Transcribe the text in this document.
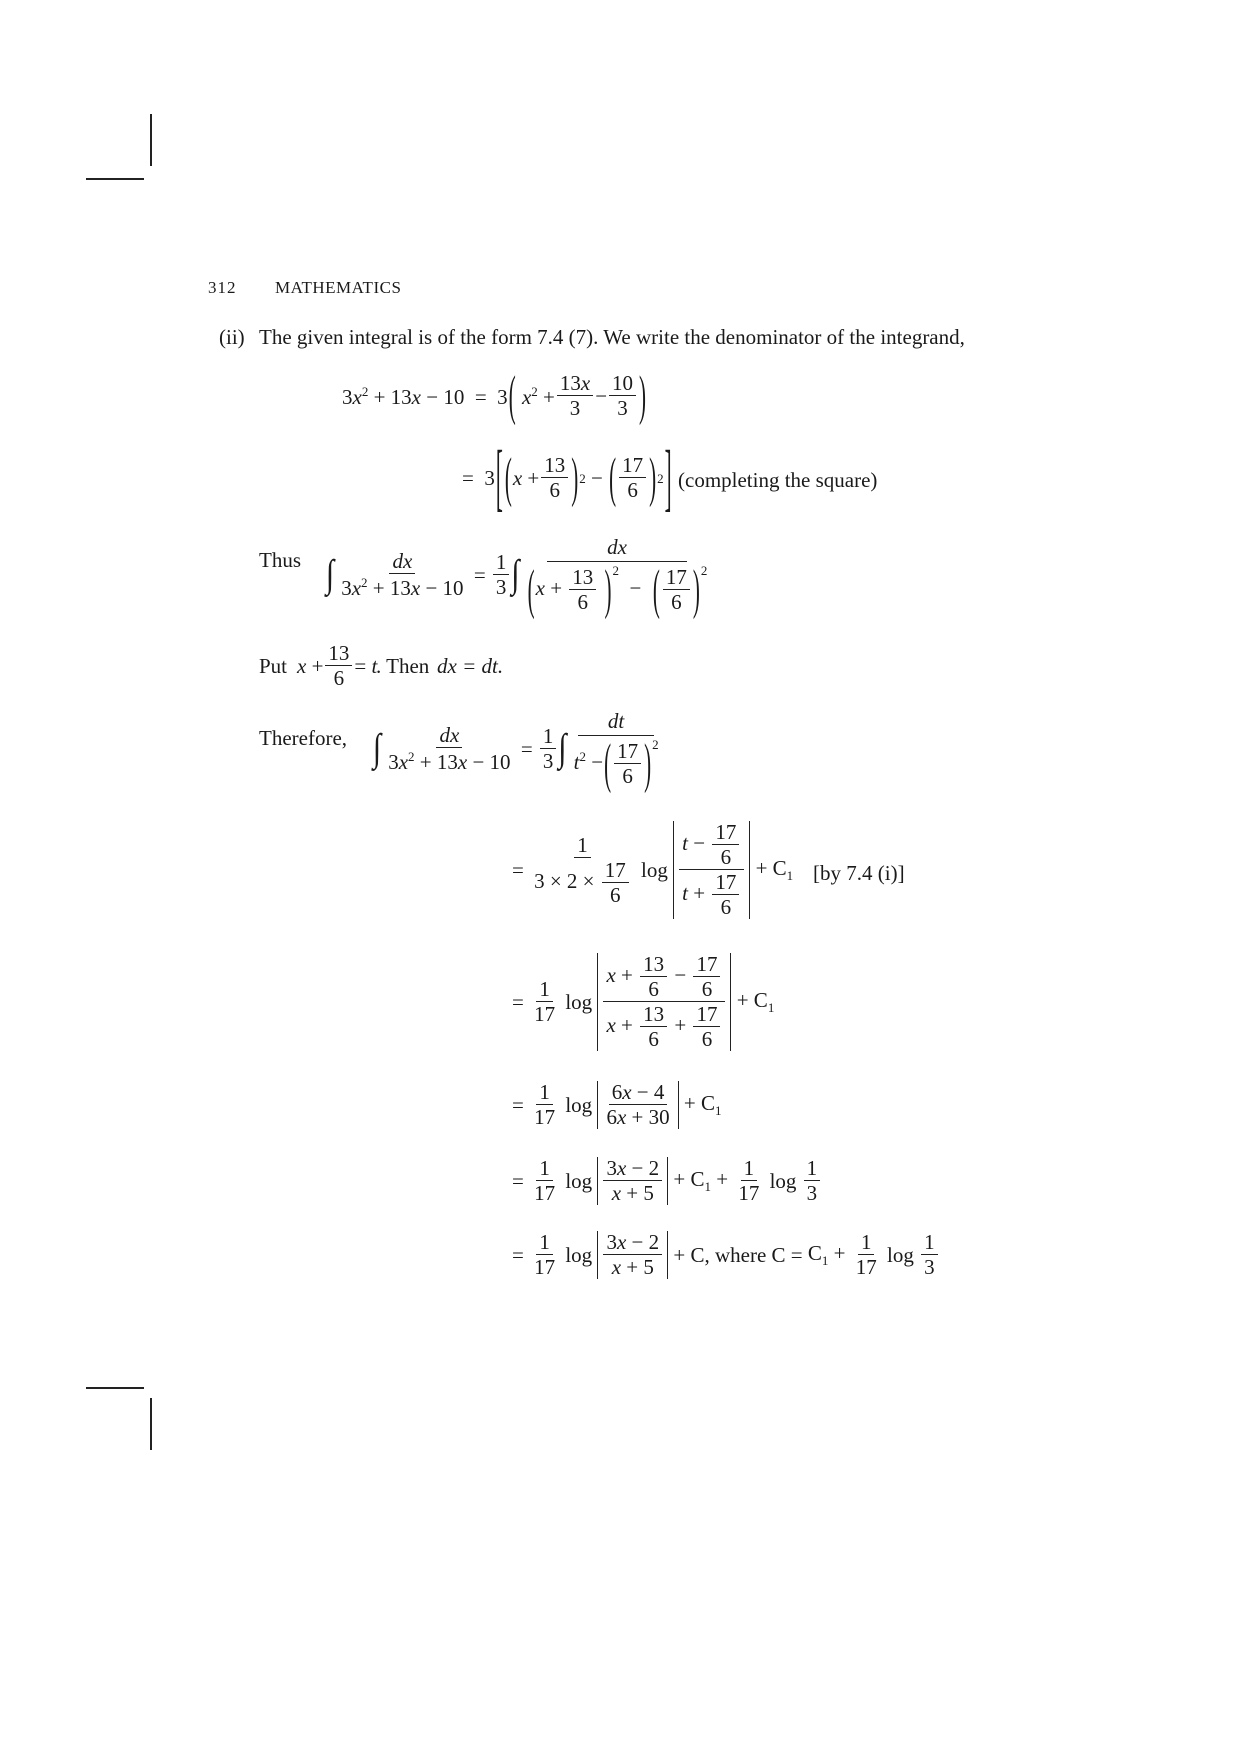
312 MATHEMATICS
(ii) The given integral is of the form 7.4 (7). We write the denominator of the integrand,
$3x^2 + 13x - 10 = 3$ ( $x^2 + \frac{13x}{3} - \frac{10}{3}$ )
=  3 [ ( $x + \frac{13}{6}$ ) 2 − ( $\frac{17}{6}$ ) 2 ] (completing the square)
Thus ∫ $\frac{dx}{3x^2 + 13x - 10} = \frac{1}{3}$ ∫ $\frac{dx}{(x + \frac{13}{6} )^2 - ( \frac{17}{6} )^2}$
Put $x + \frac{13}{6} = t$
. Then dx = dt.
Therefore, ∫ $\frac{dx}{3x^2 + 13x - 10} = \frac{1}{3}$ ∫ $\frac{dt}{t^2 -( \frac{17}{6} )^2}$
= $\frac{1}{3 \times 2 \times \frac{17}{6}}$ $\log \frac{t - \frac{17}{6}}{t + \frac{17}{6}} + C_1$ [by 7.4 (i)]
= $\frac{1}{17}$ $\log \frac{x + \frac{13}{6} - \frac{17}{6}}{x + \frac{13}{6} + \frac{17}{6}} + C_1$
= $\frac{1}{17}$ $\log \frac{6x - 4}{6x + 30} + C_1$
= $\frac{1}{17}$ $\log \frac{3x - 2}{x + 5} + C_1 + \frac{1}{17}$ $\log \frac{1}{3}$
= $\frac{1}{17}$ $\log \frac{3x - 2}{x + 5} + C$ , where $C = C_1 + \frac{1}{17}$ $\log \frac{1}{3}$
